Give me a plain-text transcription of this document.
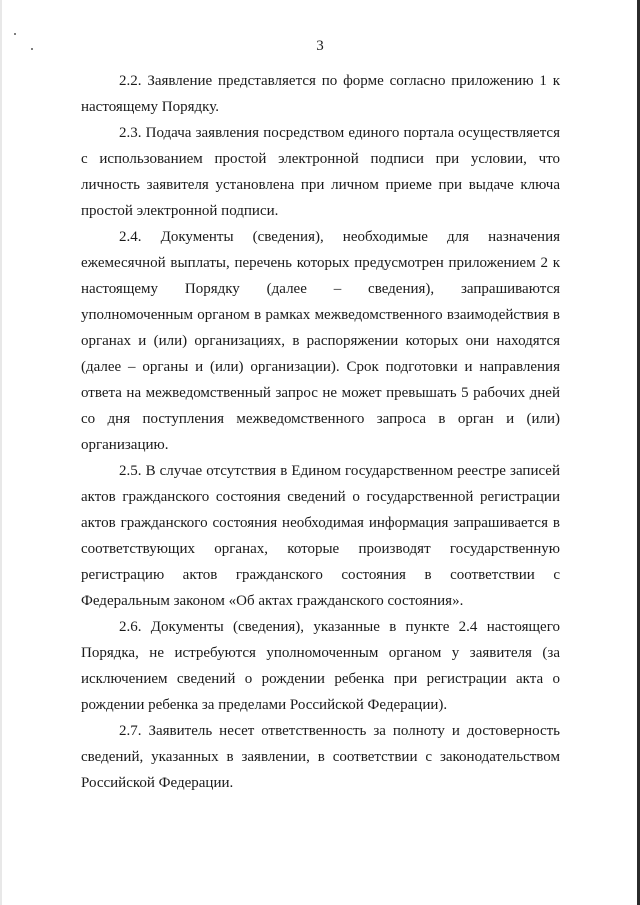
3

2.2. Заявление представляется по форме согласно приложению 1 к настоящему Порядку.

2.3. Подача заявления посредством единого портала осуществляется с использованием простой электронной подписи при условии, что личность заявителя установлена при личном приеме при выдаче ключа простой электронной подписи.

2.4. Документы (сведения), необходимые для назначения ежемесячной выплаты, перечень которых предусмотрен приложением 2 к настоящему Порядку (далее – сведения), запрашиваются уполномоченным органом в рамках межведомственного взаимодействия в органах и (или) организациях, в распоряжении которых они находятся (далее – органы и (или) организации). Срок подготовки и направления ответа на межведомственный запрос не может превышать 5 рабочих дней со дня поступления межведомственного запроса в орган и (или) организацию.

2.5. В случае отсутствия в Едином государственном реестре записей актов гражданского состояния сведений о государственной регистрации актов гражданского состояния необходимая информация запрашивается в соответствующих органах, которые производят государственную регистрацию актов гражданского состояния в соответствии с Федеральным законом «Об актах гражданского состояния».

2.6. Документы (сведения), указанные в пункте 2.4 настоящего Порядка, не истребуются уполномоченным органом у заявителя (за исключением сведений о рождении ребенка при регистрации акта о рождении ребенка за пределами Российской Федерации).

2.7. Заявитель несет ответственность за полноту и достоверность сведений, указанных в заявлении, в соответствии с законодательством Российской Федерации.
